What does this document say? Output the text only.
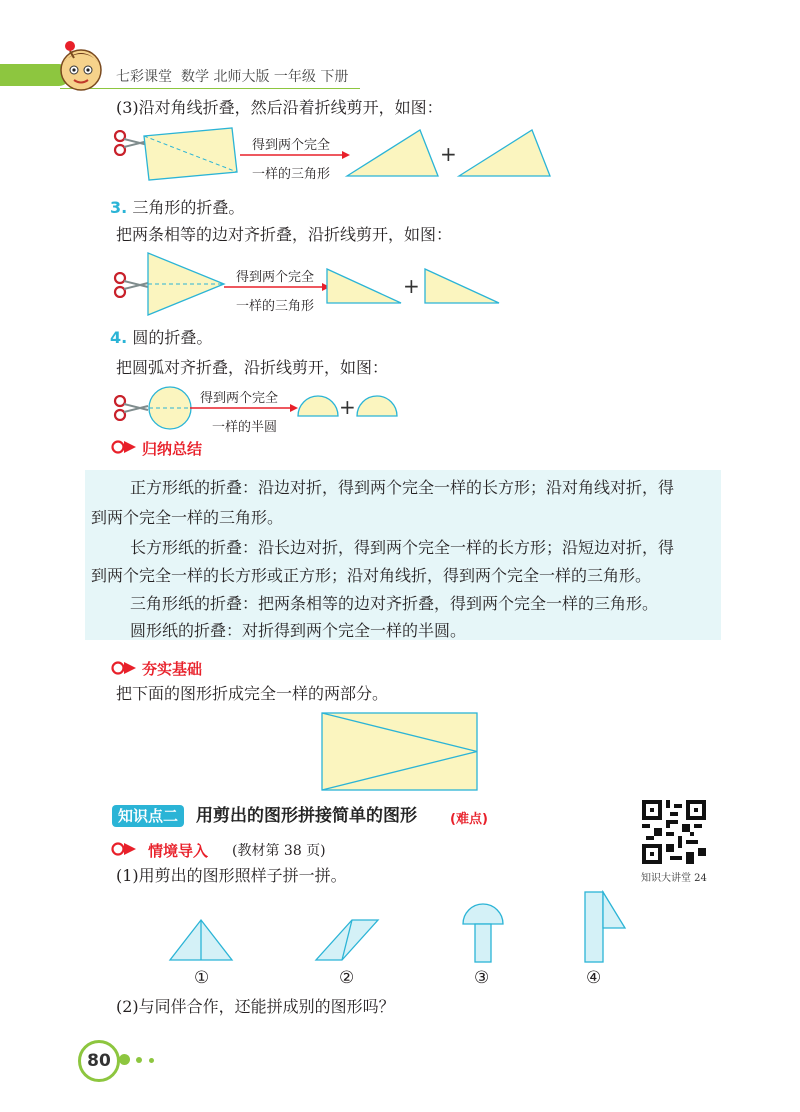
七彩课堂 数学 北师大版 一年级 下册
(3)沿对角线折叠，然后沿着折线剪开，如图：
得到两个完全
一样的三角形
+
3. 三角形的折叠。
把两条相等的边对齐折叠，沿折线剪开，如图：
得到两个完全
一样的三角形
+
4. 圆的折叠。
把圆弧对齐折叠，沿折线剪开，如图：
得到两个完全
一样的半圆
+
归纳总结

正方形纸的折叠：沿边对折，得到两个完全一样的长方形；沿对角线对折，得

到两个完全一样的三角形。

长方形纸的折叠：沿长边对折，得到两个完全一样的长方形；沿短边对折，得

到两个完全一样的长方形或正方形；沿对角线折，得到两个完全一样的三角形。

三角形纸的折叠：把两条相等的边对齐折叠，得到两个完全一样的三角形。

圆形纸的折叠：对折得到两个完全一样的半圆。

夯实基础
把下面的图形折成完全一样的两部分。
知识点二	用剪出的图形拼接简单的图形	(难点)
知识大讲堂 24
情境导入 (教材第 38 页)
(1)用剪出的图形照样子拼一拼。
①	②	③	④
(2)与同伴合作，还能拼成别的图形吗？
80
